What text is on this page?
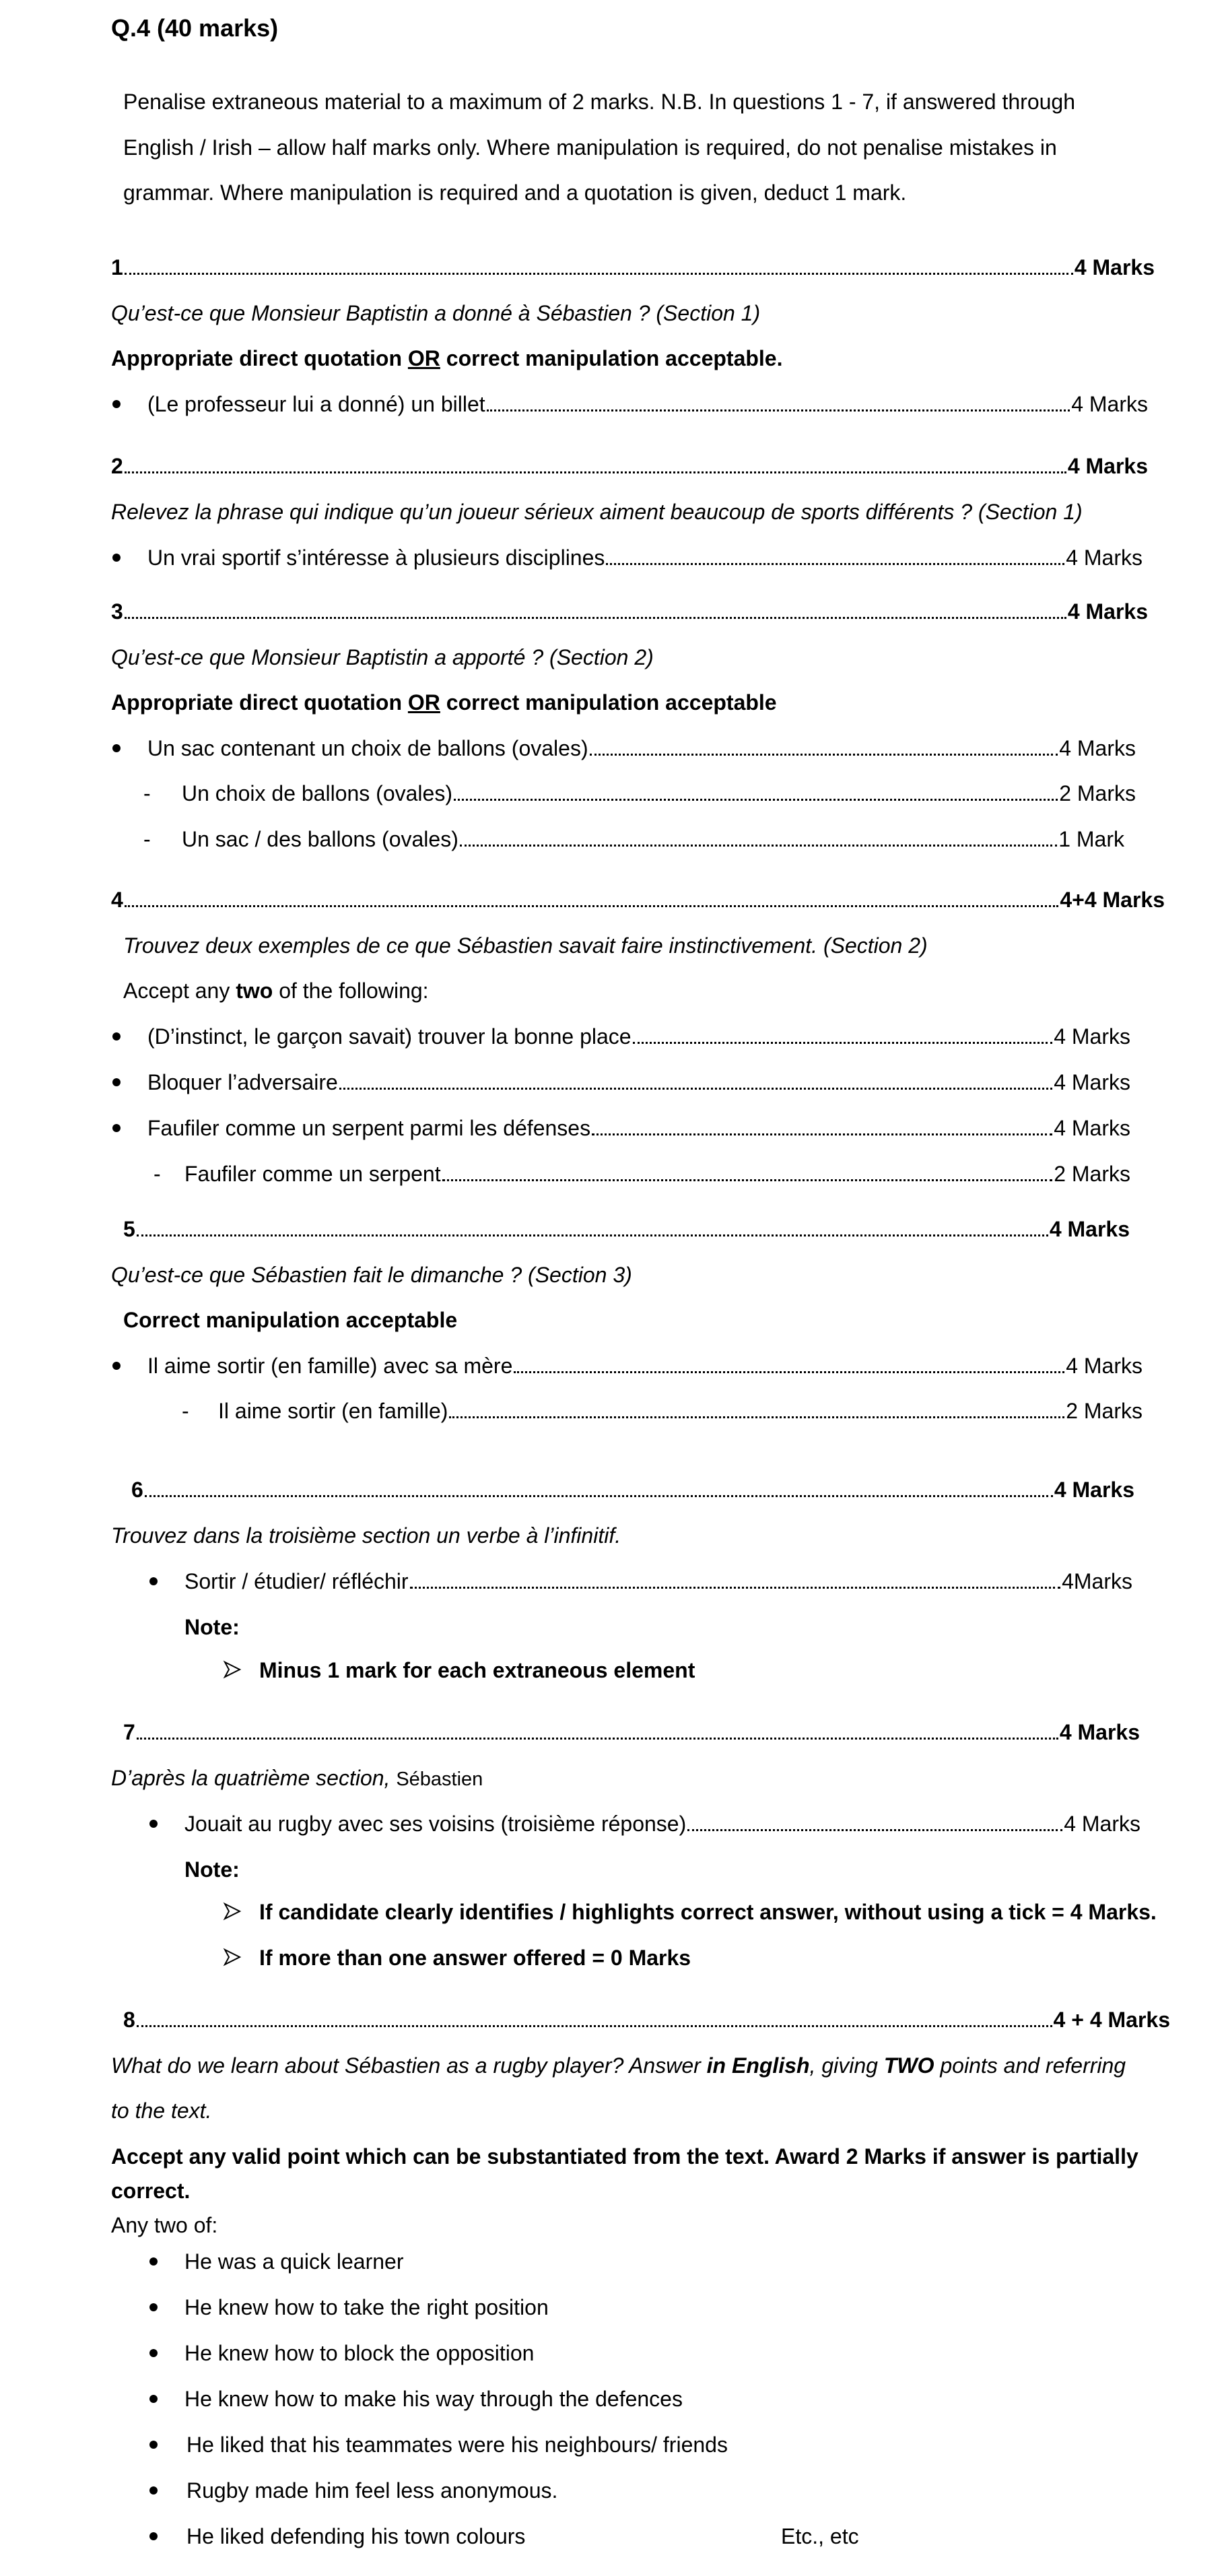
Q.4 (40 marks)
Penalise extraneous material to a maximum of 2 marks. N.B. In questions 1 - 7, if answered through
English / Irish – allow half marks only. Where manipulation is required, do not penalise mistakes in
grammar. Where manipulation is required and a quotation is given, deduct 1 mark.
1	4 Marks
Qu’est-ce que Monsieur Baptistin a donné à Sébastien ? (Section 1)
Appropriate direct quotation OR correct manipulation acceptable.
(Le professeur lui a donné) un billet	4 Marks
2	4 Marks
Relevez la phrase qui indique qu’un joueur sérieux aiment beaucoup de sports différents ? (Section 1)
Un vrai sportif s’intéresse à plusieurs disciplines	4 Marks
3	4 Marks
Qu’est-ce que Monsieur Baptistin a apporté ? (Section 2)
Appropriate direct quotation OR correct manipulation acceptable
Un sac contenant un choix de ballons (ovales)	4 Marks
- Un choix de ballons (ovales)	2 Marks
- Un sac / des ballons (ovales)	1 Mark
4	4+4 Marks
Trouvez deux exemples de ce que Sébastien savait faire instinctivement. (Section 2)
Accept any two of the following:
(D’instinct, le garçon savait) trouver la bonne place	4 Marks
Bloquer l’adversaire	4 Marks
Faufiler comme un serpent parmi les défenses	4 Marks
- Faufiler comme un serpent	2 Marks
5	4 Marks
Qu’est-ce que Sébastien fait le dimanche ? (Section 3)
Correct manipulation acceptable
Il aime sortir (en famille) avec sa mère	4 Marks
- Il aime sortir (en famille)	2 Marks
6	4 Marks
Trouvez dans la troisième section un verbe à l’infinitif.
Sortir / étudier/ réfléchir	4Marks
Note:
Minus 1 mark for each extraneous element
7	4 Marks
D’après la quatrième section, Sébastien
Jouait au rugby avec ses voisins (troisième réponse)	4 Marks
Note:
If candidate clearly identifies / highlights correct answer, without using a tick = 4 Marks.
If more than one answer offered = 0 Marks
8	4 + 4 Marks
What do we learn about Sébastien as a rugby player? Answer in English, giving TWO points and referring
to the text.
Accept any valid point which can be substantiated from the text. Award 2 Marks if answer is partially
correct.
Any two of:
He was a quick learner
He knew how to take the right position
He knew how to block the opposition
He knew how to make his way through the defences
He liked that his teammates were his neighbours/ friends
Rugby made him feel less anonymous.
He liked defending his town colours	Etc., etc
